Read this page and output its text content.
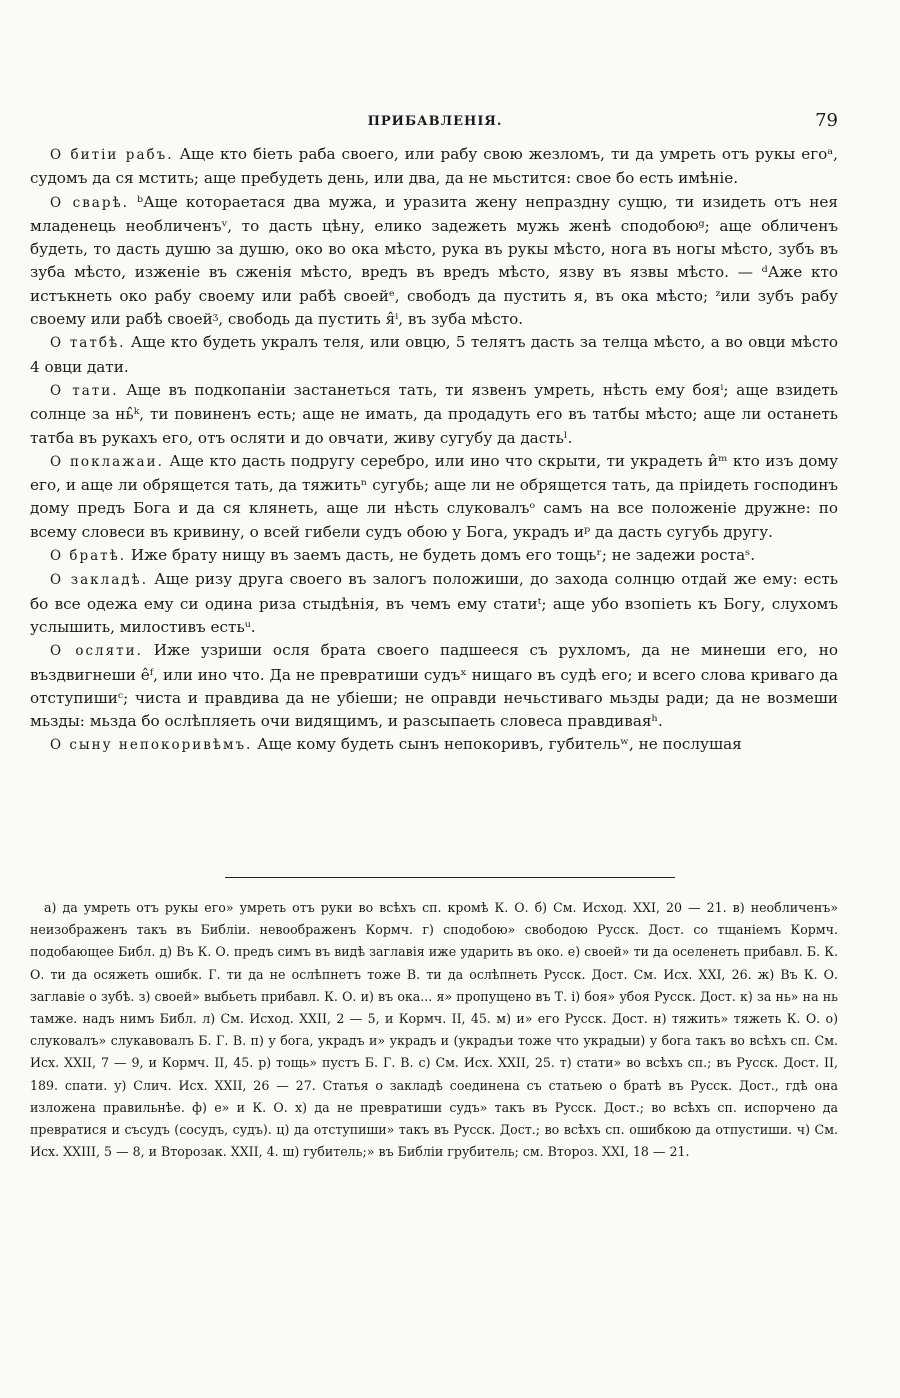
ПРИБАВЛЕНІЯ.	79

О битіи рабъ. Аще кто біеть раба своего, или рабу свою жезломъ, ти да умреть отъ рукы егоᵃ, судомъ да ся мстить; аще пребудеть день, или два, да не мьстится: свое бо есть имѣніе.

О сварѣ. ᵇАще котораетася два мужа, и уразита жену непраздну сущю, ти изидеть отъ нея младенець необличенъᵛ, то дасть цѣну, елико задежеть мужь женѣ сподобоюᵍ; аще обличенъ будеть, то дасть душю за душю, око во ока мѣсто, рука въ рукы мѣсто, нога въ ногы мѣсто, зубъ въ зуба мѣсто, изженіе въ сженія мѣсто, вредъ въ вредъ мѣсто, язву въ язвы мѣсто. — ᵈАже кто истъкнеть око рабу своему или рабѣ своейᵉ, свободъ да пустить я, въ ока мѣсто; ᶻили зубъ рабу своему или рабѣ своейᶾ, свободь да пустить я̂ⁱ, въ зуба мѣсто.

О татбѣ. Аще кто будеть укралъ теля, или овцю, 5 телятъ дасть за телца мѣсто, а во овци мѣсто 4 овци дати.

О тати. Аще въ подкопаніи застанеться тать, ти язвенъ умреть, нѣсть ему бояⁱ; аще взидеть солнце за нь̂ᵏ, ти повиненъ есть; аще не имать, да продадуть его въ татбы мѣсто; аще ли останеть татба въ рукахъ его, отъ осляти и до овчати, живу сугубу да дастьˡ.

О поклажаи. Аще кто дасть подругу серебро, или ино что скрыти, ти украдеть и̂ᵐ кто изъ дому его, и аще ли обрящется тать, да тяжитьⁿ сугубь; аще ли не обрящется тать, да пріидеть господинъ дому предъ Бога и да ся клянеть, аще ли нѣсть слуковалъᵒ самъ на все положеніе дружне: по всему словеси въ кривину, о всей гибели судъ обою у Бога, украдъ иᵖ да дасть сугубь другу.

О братѣ. Иже брату нищу въ заемъ дасть, не будеть домъ его тощьʳ; не задежи ростаˢ.

О закладѣ. Аще ризу друга своего въ залогъ положиши, до захода солнцю отдай же ему: есть бо все одежа ему си одина риза стыдѣнія, въ чемъ ему статиᵗ; аще убо взопіеть къ Богу, слухомъ услышить, милостивъ естьᵘ.

О осляти. Иже узриши осля брата своего падшееся съ рухломъ, да не минеши его, но въздвигнеши е̂ᶠ, или ино что. Да не превратиши судъˣ нищаго въ судѣ его; и всего слова криваго да отступишиᶜ; чиста и правдива да не убіеши; не оправди нечьстиваго мьзды ради; да не возмеши мьзды: мьзда бо ослѣпляеть очи видящимъ, и разсыпаеть словеса правдиваяʰ.

О сыну непокоривѣмъ. Аще кому будеть сынъ непокоривъ, губительʷ, не послушая

а) да умреть отъ рукы его» умреть отъ руки во всѣхъ сп. кромѣ К. О. б) См. Исход. XXI, 20 — 21. в) необличенъ» неизображенъ такъ въ Библіи. невоображенъ Кормч. г) сподобою» свободою Русск. Дост. со тщаніемъ Кормч. подобающее Библ. д) Въ К. О. предъ симъ въ видѣ заглавія иже ударить въ око. е) своей» ти да оселенеть прибавл. Б. К. О. ти да осяжеть ошибк. Г. ти да не ослѣпнетъ тоже В. ти да ослѣпнеть Русск. Дост. См. Исх. XXI, 26. ж) Въ К. О. заглавіе о зубѣ. з) своей» выбьеть прибавл. К. О. и) въ ока... я» пропущено въ Т. і) боя» убоя Русск. Дост. к) за нь» на нь тамже. надъ нимъ Библ. л) См. Исход. XXII, 2 — 5, и Кормч. II, 45. м) и» его Русск. Дост. н) тяжить» тяжеть К. О. о) слуковалъ» слукавовалъ Б. Г. В. п) у бога, украдъ и» украдъ и (украдъи тоже что украдыи) у бога такъ во всѣхъ сп. См. Исх. XXII, 7 — 9, и Кормч. II, 45. р) тощь» пустъ Б. Г. В. с) См. Исх. XXII, 25. т) стати» во всѣхъ сп.; въ Русск. Дост. II, 189. спати. у) Слич. Исх. XXII, 26 — 27. Статья о закладѣ соединена съ статьею о братѣ въ Русск. Дост., гдѣ она изложена правильнѣе. ф) е» и К. О. х) да не превратиши судъ» такъ въ Русск. Дост.; во всѣхъ сп. испорчено да превратися и съсудъ (сосудъ, судъ). ц) да отступиши» такъ въ Русск. Дост.; во всѣхъ сп. ошибкою да отпустиши. ч) См. Исх. XXIII, 5 — 8, и Второзак. XXII, 4. ш) губитель;» въ Библіи грубитель; см. Второз. XXI, 18 — 21.
